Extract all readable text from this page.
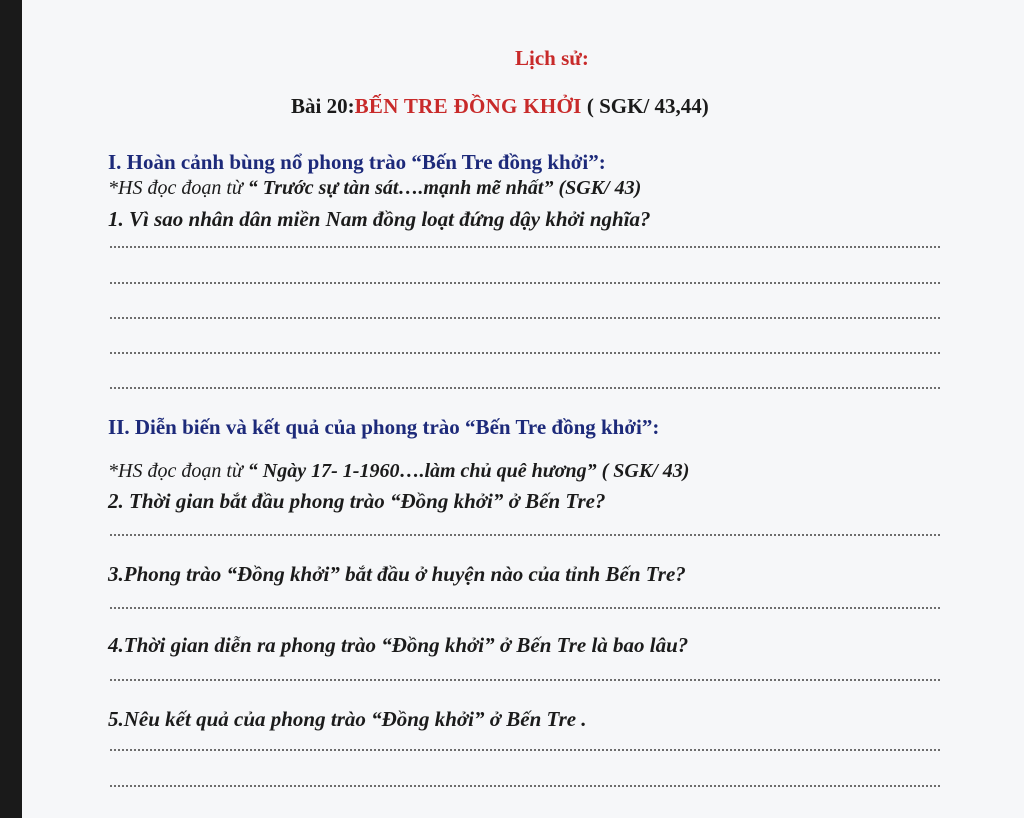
Lịch sử:
Bài 20:BẾN TRE ĐỒNG KHỞI ( SGK/ 43,44)
I. Hoàn cảnh bùng nổ phong trào “Bến Tre đồng khởi”:
*HS đọc đoạn từ “ Trước sự tàn sát….mạnh mẽ nhất” (SGK/ 43)
1. Vì sao nhân dân miền Nam đồng loạt đứng dậy khởi nghĩa?
II. Diễn biến và kết quả của phong trào “Bến Tre đồng khởi”:
*HS đọc đoạn từ “ Ngày 17- 1-1960….làm chủ quê hương” ( SGK/ 43)
2. Thời gian bắt đầu phong trào “Đồng khởi” ở Bến Tre?
3.Phong trào “Đồng khởi” bắt đầu ở huyện nào của tỉnh Bến Tre?
4.Thời gian diễn ra phong trào “Đồng khởi” ở Bến Tre là bao lâu?
5.Nêu kết quả của phong trào “Đồng khởi” ở Bến Tre .
